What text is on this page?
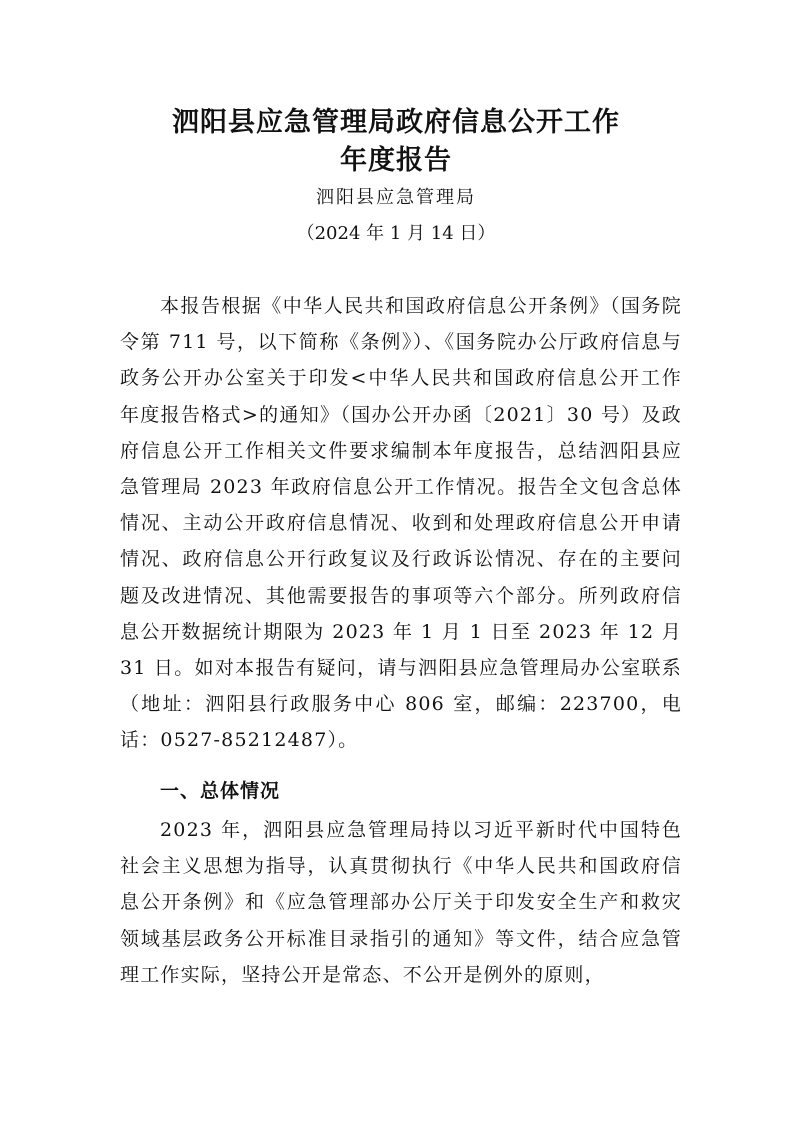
泗阳县应急管理局政府信息公开工作
年度报告

泗阳县应急管理局

（2024 年 1 月 14 日）

本报告根据《中华人民共和国政府信息公开条例》（国务院令第 711 号，以下简称《条例》）、《国务院办公厅政府信息与政务公开办公室关于印发<中华人民共和国政府信息公开工作年度报告格式>的通知》（国办公开办函〔2021〕30 号）及政府信息公开工作相关文件要求编制本年度报告，总结泗阳县应急管理局 2023 年政府信息公开工作情况。报告全文包含总体情况、主动公开政府信息情况、收到和处理政府信息公开申请情况、政府信息公开行政复议及行政诉讼情况、存在的主要问题及改进情况、其他需要报告的事项等六个部分。所列政府信息公开数据统计期限为 2023 年 1 月 1 日至 2023 年 12 月 31 日。如对本报告有疑问，请与泗阳县应急管理局办公室联系（地址：泗阳县行政服务中心 806 室，邮编：223700，电话：0527-85212487）。

一、总体情况

2023 年，泗阳县应急管理局持以习近平新时代中国特色社会主义思想为指导，认真贯彻执行《中华人民共和国政府信息公开条例》和《应急管理部办公厅关于印发安全生产和救灾领域基层政务公开标准目录指引的通知》等文件，结合应急管理工作实际，坚持公开是常态、不公开是例外的原则，
